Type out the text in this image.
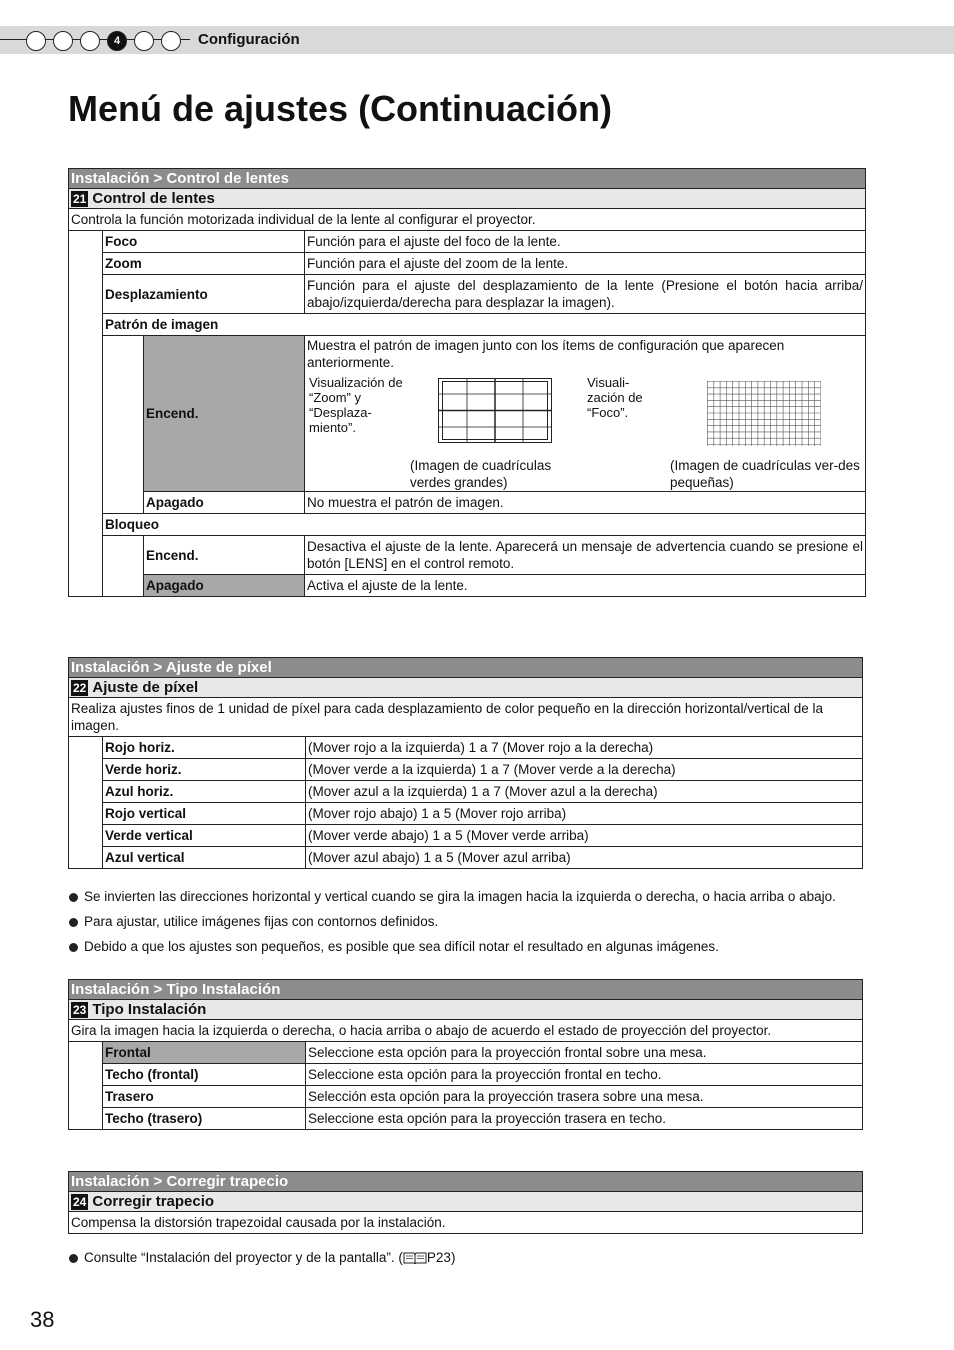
4	Configuración
Menú de ajustes (Continuación)
Instalación > Control de lentes			
21 Control de lentes			
Controla la función motorizada individual de la lente al configurar el proyector.			
	Foco		Función para el ajuste del foco de la lente.
	Zoom		Función para el ajuste del zoom de la lente.
	Desplazamiento		Función para el ajuste del desplazamiento de la lente (Presione el botón hacia arriba/ abajo/izquierda/derecha para desplazar la imagen).
	Patrón de imagen		
		Encend.	Muestra el patrón de imagen junto con los ítems de configuración que aparecen anteriormente.
Visualización de “Zoom” y “Desplaza-miento”.
Visuali-zación de “Foco”.
(Imagen de cuadrículas verdes grandes)
(Imagen de cuadrículas ver-des pequeñas)

		Apagado	No muestra el patrón de imagen.
	Bloqueo		
		Encend.	Desactiva el ajuste de la lente. Aparecerá un mensaje de advertencia cuando se presione el botón [LENS] en el control remoto.
		Apagado	Activa el ajuste de la lente.
Instalación > Ajuste de píxel		
22 Ajuste de píxel		
Realiza ajustes finos de 1 unidad de píxel para cada desplazamiento de color pequeño en la dirección horizontal/vertical de la imagen.		
	Rojo horiz.	(Mover rojo a la izquierda) 1 a 7 (Mover rojo a la derecha)
	Verde horiz.	(Mover verde a la izquierda) 1 a 7 (Mover verde a la derecha)
	Azul horiz.	(Mover azul a la izquierda) 1 a 7 (Mover azul a la derecha)
	Rojo vertical	(Mover rojo abajo) 1 a 5 (Mover rojo arriba)
	Verde vertical	(Mover verde abajo) 1 a 5 (Mover verde arriba)
	Azul vertical	(Mover azul abajo) 1 a 5 (Mover azul arriba)
Se invierten las direcciones horizontal y vertical cuando se gira la imagen hacia la izquierda o derecha, o hacia arriba o abajo.
Para ajustar, utilice imágenes fijas con contornos definidos.
Debido a que los ajustes son pequeños, es posible que sea difícil notar el resultado en algunas imágenes.
Instalación > Tipo Instalación		
23 Tipo Instalación		
Gira la imagen hacia la izquierda o derecha, o hacia arriba o abajo de acuerdo el estado de proyección del proyector.		
	Frontal	Seleccione esta opción para la proyección frontal sobre una mesa.
	Techo (frontal)	Seleccione esta opción para la proyección frontal en techo.
	Trasero	Selección esta opción para la proyección trasera sobre una mesa.
	Techo (trasero)	Seleccione esta opción para la proyección trasera en techo.
Instalación > Corregir trapecio
24 Corregir trapecio
Compensa la distorsión trapezoidal causada por la instalación.
Consulte “Instalación del proyector y de la pantalla”. ( P23)
38
